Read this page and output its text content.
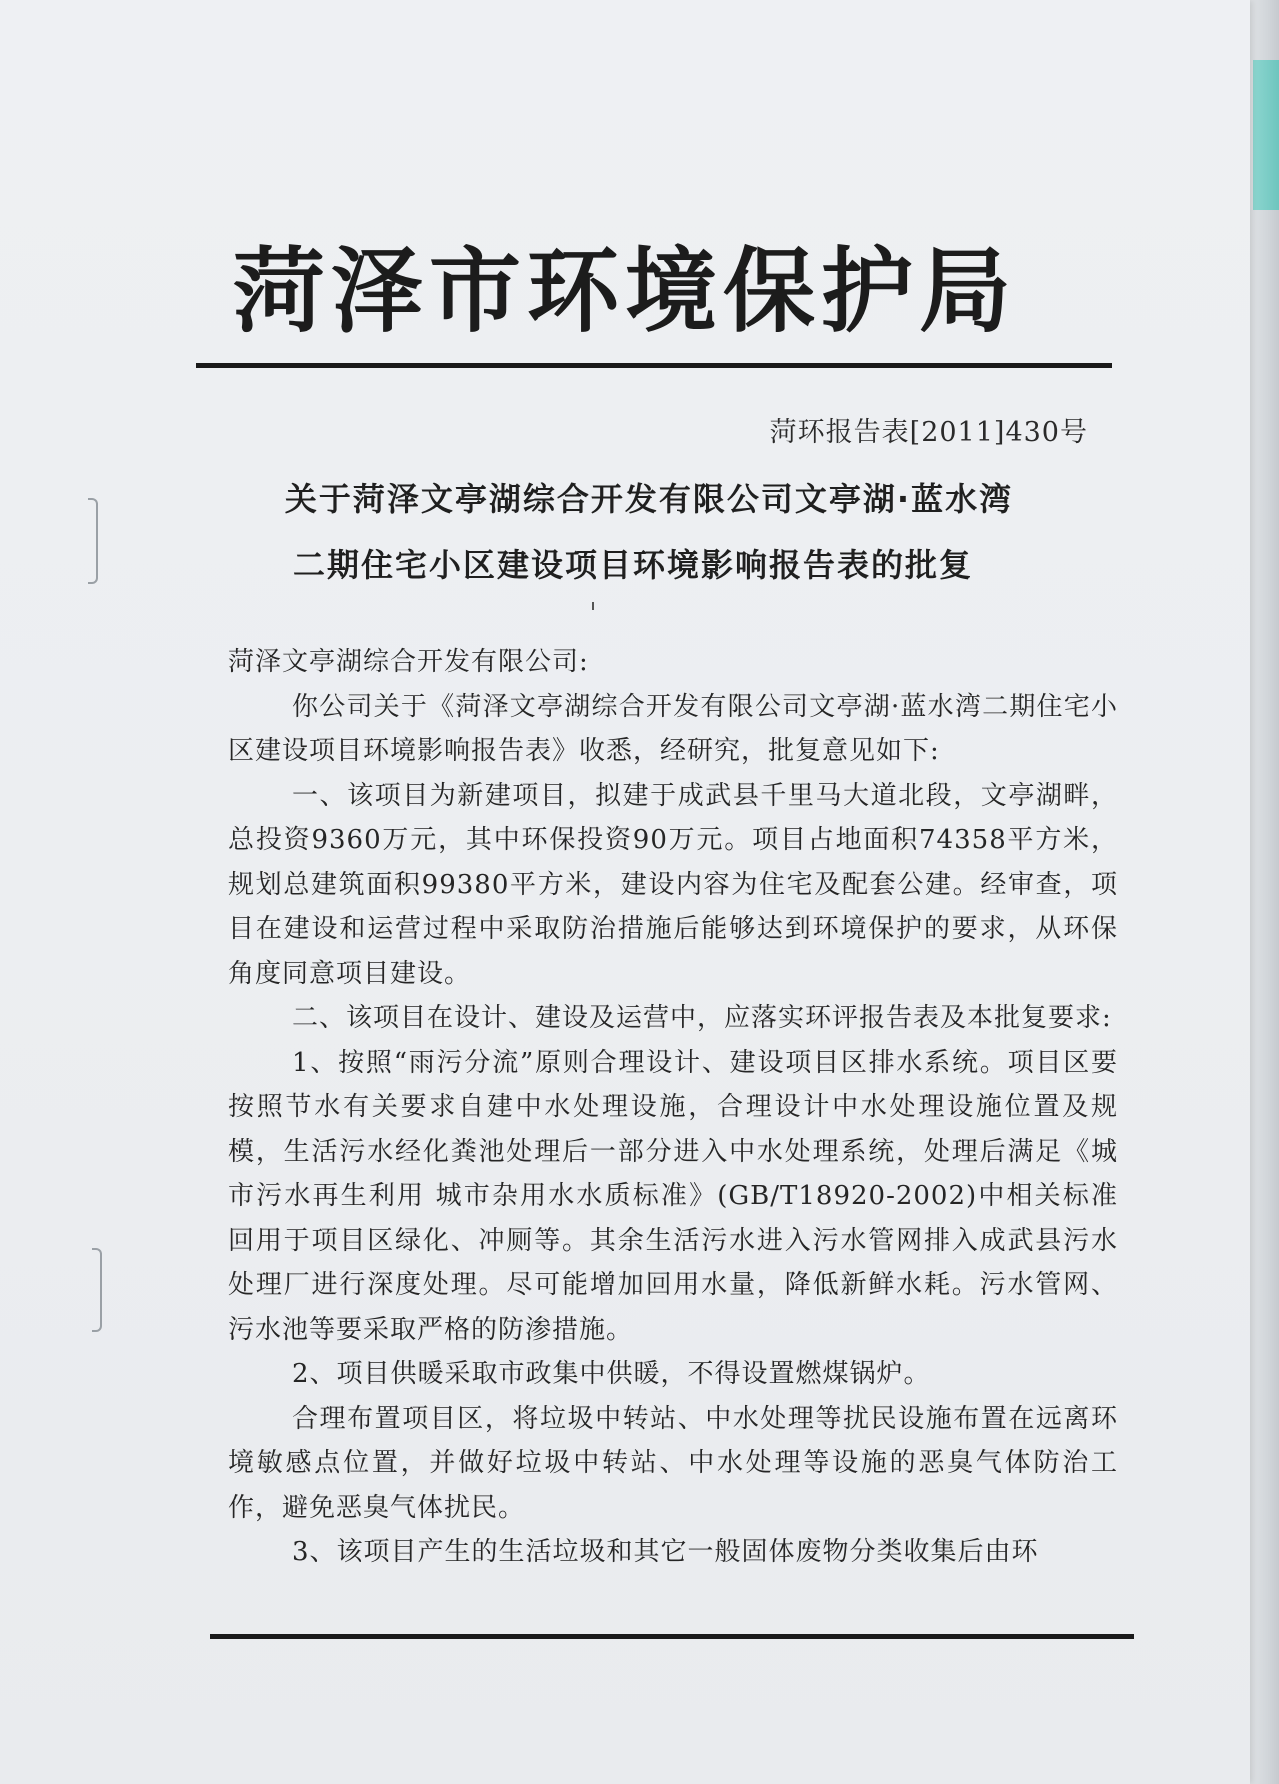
菏泽市环境保护局
菏环报告表[2011]430号
关于菏泽文亭湖综合开发有限公司文亭湖·蓝水湾
二期住宅小区建设项目环境影响报告表的批复

菏泽文亭湖综合开发有限公司:

你公司关于《菏泽文亭湖综合开发有限公司文亭湖·蓝水湾二期住宅小区建设项目环境影响报告表》收悉，经研究，批复意见如下:

一、该项目为新建项目，拟建于成武县千里马大道北段，文亭湖畔，总投资9360万元，其中环保投资90万元。项目占地面积74358平方米，规划总建筑面积99380平方米，建设内容为住宅及配套公建。经审查，项目在建设和运营过程中采取防治措施后能够达到环境保护的要求，从环保角度同意项目建设。

二、该项目在设计、建设及运营中，应落实环评报告表及本批复要求:

1、按照“雨污分流”原则合理设计、建设项目区排水系统。项目区要按照节水有关要求自建中水处理设施，合理设计中水处理设施位置及规模，生活污水经化粪池处理后一部分进入中水处理系统，处理后满足《城市污水再生利用 城市杂用水水质标准》(GB/T18920-2002)中相关标准回用于项目区绿化、冲厕等。其余生活污水进入污水管网排入成武县污水处理厂进行深度处理。尽可能增加回用水量，降低新鲜水耗。污水管网、污水池等要采取严格的防渗措施。

2、项目供暖采取市政集中供暖，不得设置燃煤锅炉。

合理布置项目区，将垃圾中转站、中水处理等扰民设施布置在远离环境敏感点位置，并做好垃圾中转站、中水处理等设施的恶臭气体防治工作，避免恶臭气体扰民。

3、该项目产生的生活垃圾和其它一般固体废物分类收集后由环
